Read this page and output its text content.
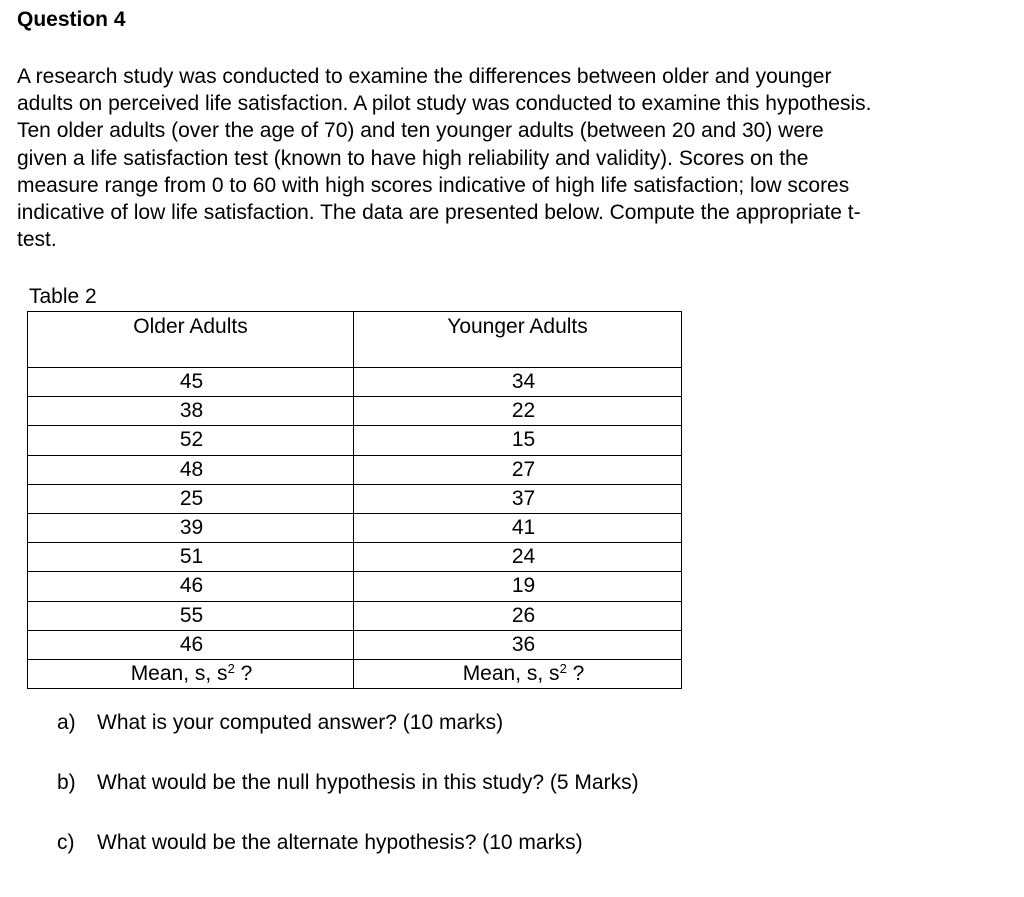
Question 4
A research study was conducted to examine the differences between older and younger
adults on perceived life satisfaction. A pilot study was conducted to examine this hypothesis.
Ten older adults (over the age of 70) and ten younger adults (between 20 and 30) were
given a life satisfaction test (known to have high reliability and validity). Scores on the
measure range from 0 to 60 with high scores indicative of high life satisfaction; low scores
indicative of low life satisfaction. The data are presented below. Compute the appropriate t-
test.
Table 2
Older Adults	Younger Adults
45	34
38	22
52	15
48	27
25	37
39	41
51	24
46	19
55	26
46	36
Mean, s, $s^2$ ?	Mean, s, $s^2$ ?
a) What is your computed answer? (10 marks)
b) What would be the null hypothesis in this study? (5 Marks)
c) What would be the alternate hypothesis? (10 marks)
